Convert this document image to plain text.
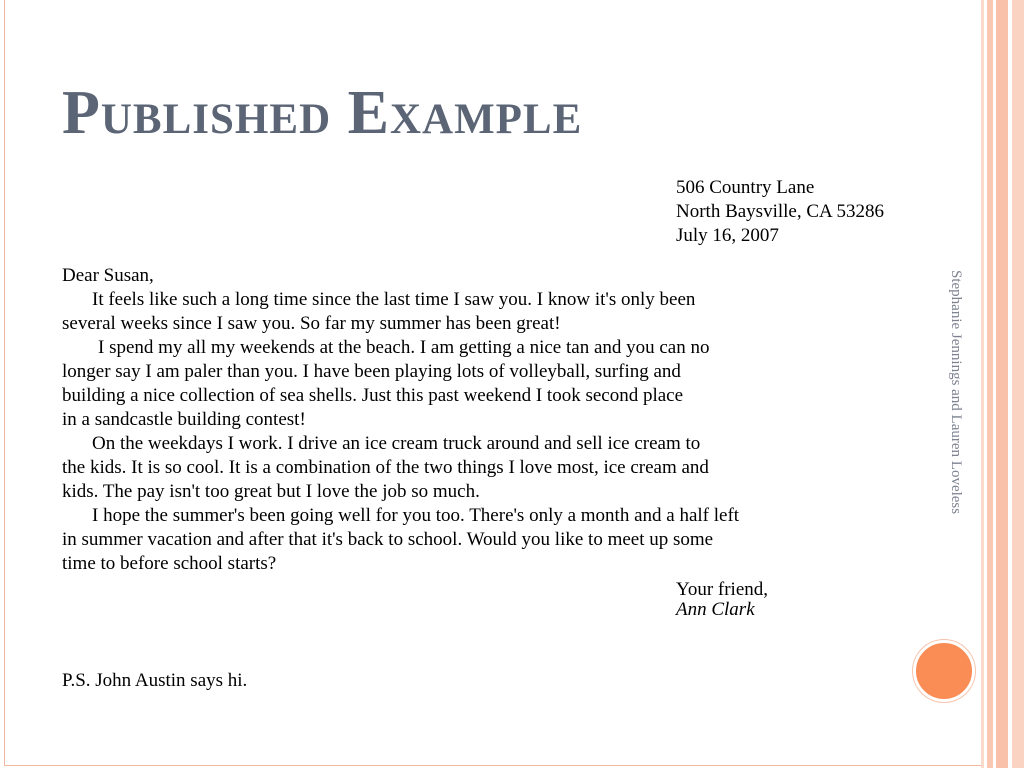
Published Example
506 Country Lane
North Baysville, CA 53286
July 16, 2007
Dear Susan,
It feels like such a long time since the last time I saw you. I know it's only been
several weeks since I saw you. So far my summer has been great!
I spend my all my weekends at the beach. I am getting a nice tan and you can no
longer say I am paler than you. I have been playing lots of volleyball, surfing and
building a nice collection of sea shells. Just this past weekend I took second place
in a sandcastle building contest!
On the weekdays I work. I drive an ice cream truck around and sell ice cream to
the kids. It is so cool. It is a combination of the two things I love most, ice cream and
kids. The pay isn't too great but I love the job so much.
I hope the summer's been going well for you too. There's only a month and a half left
in summer vacation and after that it's back to school. Would you like to meet up some
time to before school starts?
Your friend,
Ann Clark
P.S. John Austin says hi.
Stephanie Jennings and Lauren Loveless
